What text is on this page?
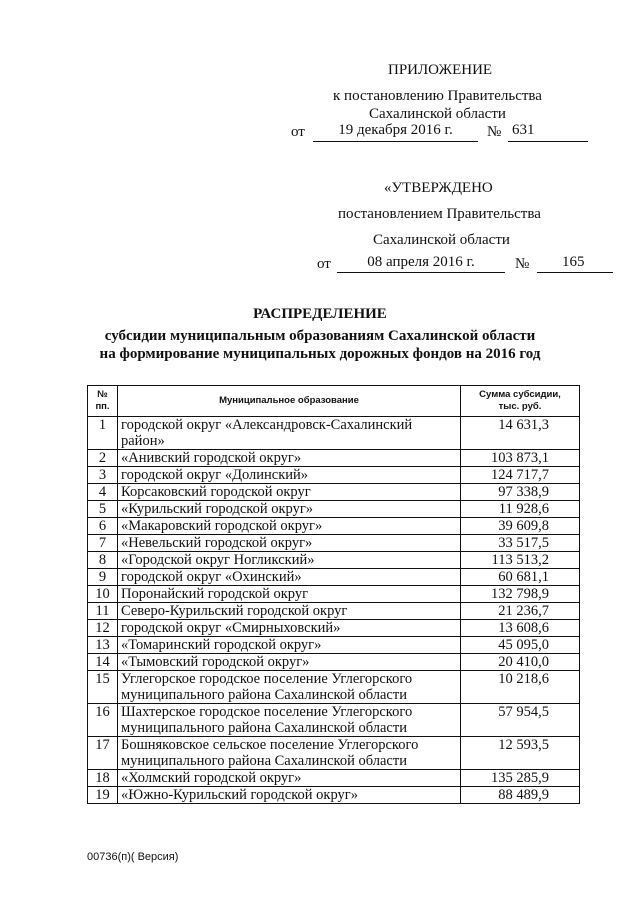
ПРИЛОЖЕНИЕ
к постановлению Правительства
Сахалинской области
от	19 декабря 2016 г.	№ 631
«УТВЕРЖДЕНО
постановлением Правительства
Сахалинской области
от	08 апреля 2016 г.	№ 165
РАСПРЕДЕЛЕНИЕ
субсидии муниципальным образованиям Сахалинской области
на формирование муниципальных дорожных фондов на 2016 год
№ пп.	Муниципальное образование	Сумма субсидии,
тыс. руб.
1	городской округ «Александровск-Сахалинский район»	14 631,3
2	«Анивский городской округ»	103 873,1
3	городской округ «Долинский»	124 717,7
4	Корсаковский городской округ	97 338,9
5	«Курильский городской округ»	11 928,6
6	«Макаровский городской округ»	39 609,8
7	«Невельский городской округ»	33 517,5
8	«Городской округ Ногликский»	113 513,2
9	городской округ «Охинский»	60 681,1
10	Поронайский городской округ	132 798,9
11	Северо-Курильский городской округ	21 236,7
12	городской округ «Смирныховский»	13 608,6
13	«Томаринский городской округ»	45 095,0
14	«Тымовский городской округ»	20 410,0
15	Углегорское городское поселение Углегорского муниципального района Сахалинской области	10 218,6
16	Шахтерское городское поселение Углегорского муниципального района Сахалинской области	57 954,5
17	Бошняковское сельское поселение Углегорского муниципального района Сахалинской области	12 593,5
18	«Холмский городской округ»	135 285,9
19	«Южно-Курильский городской округ»	88 489,9
00736(п)( Версия)
